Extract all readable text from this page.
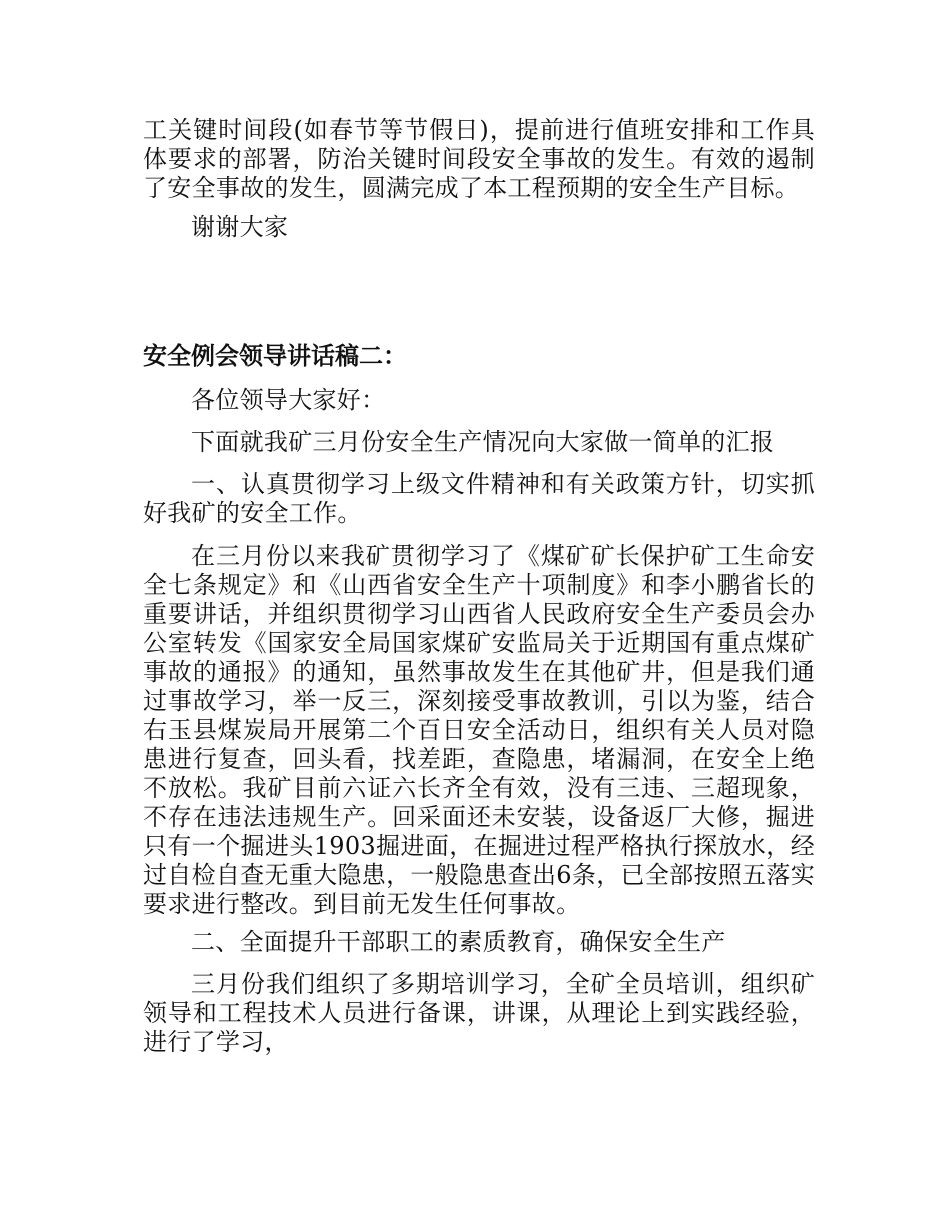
工关键时间段(如春节等节假日)，提前进行值班安排和工作具体要求的部署，防治关键时间段安全事故的发生。有效的遏制了安全事故的发生，圆满完成了本工程预期的安全生产目标。

谢谢大家

安全例会领导讲话稿二：

各位领导大家好：

下面就我矿三月份安全生产情况向大家做一简单的汇报

一、认真贯彻学习上级文件精神和有关政策方针，切实抓好我矿的安全工作。

在三月份以来我矿贯彻学习了《煤矿矿长保护矿工生命安全七条规定》和《山西省安全生产十项制度》和李小鹏省长的重要讲话，并组织贯彻学习山西省人民政府安全生产委员会办公室转发《国家安全局国家煤矿安监局关于近期国有重点煤矿事故的通报》的通知，虽然事故发生在其他矿井，但是我们通过事故学习，举一反三，深刻接受事故教训，引以为鉴，结合右玉县煤炭局开展第二个百日安全活动日，组织有关人员对隐患进行复查，回头看，找差距，查隐患，堵漏洞，在安全上绝不放松。我矿目前六证六长齐全有效，没有三违、三超现象，不存在违法违规生产。回采面还未安装，设备返厂大修，掘进只有一个掘进头1903掘进面，在掘进过程严格执行探放水，经过自检自查无重大隐患，一般隐患查出6条，已全部按照五落实要求进行整改。到目前无发生任何事故。

二、全面提升干部职工的素质教育，确保安全生产

三月份我们组织了多期培训学习，全矿全员培训，组织矿领导和工程技术人员进行备课，讲课，从理论上到实践经验，进行了学习，
